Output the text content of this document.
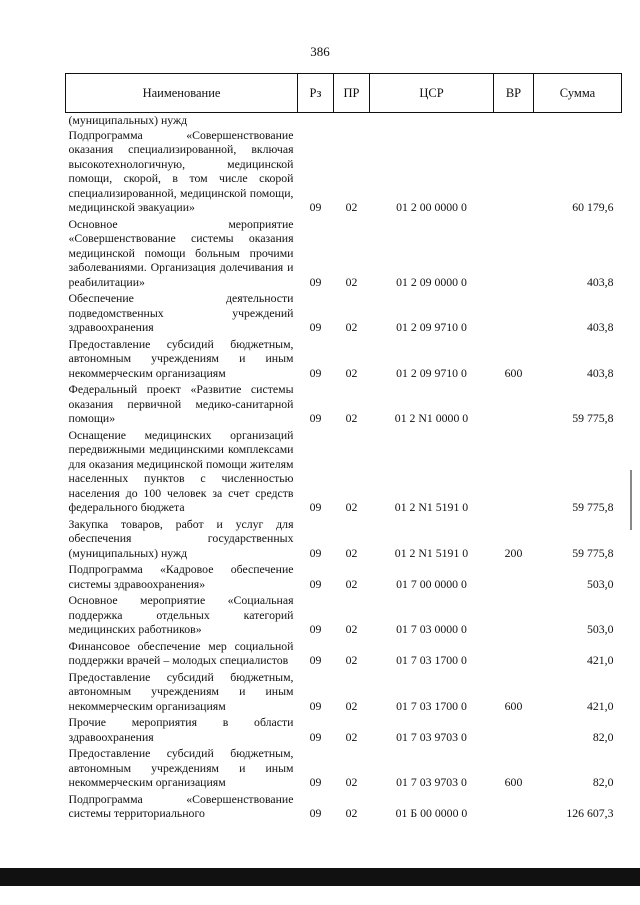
386
Наименование	Рз	ПР	ЦСР	ВР	Сумма
(муниципальных) нужд					
Подпрограмма «Совершенствование оказания специализированной, включая высокотехнологичную, медицинской помощи, скорой, в том числе скорой специализированной, медицинской помощи, медицинской эвакуации»	09	02	01 2 00 0000 0		60 179,6
Основное мероприятие «Совершенствование системы оказания медицинской помощи больным прочими заболеваниями. Организация долечивания и реабилитации»	09	02	01 2 09 0000 0		403,8
Обеспечение деятельности подведомственных учреждений здравоохранения	09	02	01 2 09 9710 0		403,8
Предоставление субсидий бюджетным, автономным учреждениям и иным некоммерческим организациям	09	02	01 2 09 9710 0	600	403,8
Федеральный проект «Развитие системы оказания первичной медико-санитарной помощи»	09	02	01 2 N1 0000 0		59 775,8
Оснащение медицинских организаций передвижными медицинскими комплексами для оказания медицинской помощи жителям населенных пунктов с численностью населения до 100 человек за счет средств федерального бюджета	09	02	01 2 N1 5191 0		59 775,8
Закупка товаров, работ и услуг для обеспечения государственных (муниципальных) нужд	09	02	01 2 N1 5191 0	200	59 775,8
Подпрограмма «Кадровое обеспечение системы здравоохранения»	09	02	01 7 00 0000 0		503,0
Основное мероприятие «Социальная поддержка отдельных категорий медицинских работников»	09	02	01 7 03 0000 0		503,0
Финансовое обеспечение мер социальной поддержки врачей – молодых специалистов	09	02	01 7 03 1700 0		421,0
Предоставление субсидий бюджетным, автономным учреждениям и иным некоммерческим организациям	09	02	01 7 03 1700 0	600	421,0
Прочие мероприятия в области здравоохранения	09	02	01 7 03 9703 0		82,0
Предоставление субсидий бюджетным, автономным учреждениям и иным некоммерческим организациям	09	02	01 7 03 9703 0	600	82,0
Подпрограмма «Совершенствование системы территориального	09	02	01 Б 00 0000 0		126 607,3
